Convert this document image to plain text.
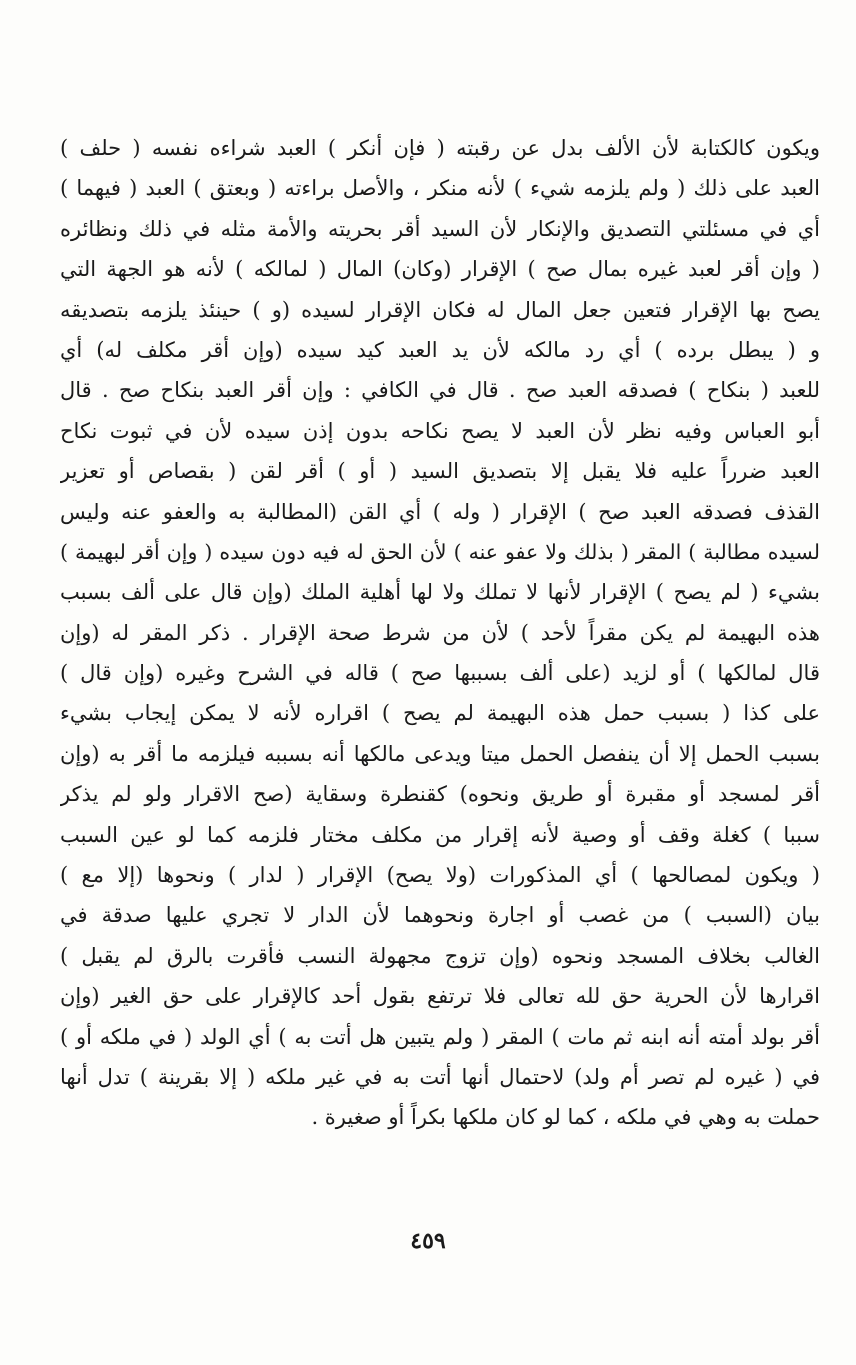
ويكون كالكتابة لأن الألف بدل عن رقبته ( فإن أنكر ) العبد شراءه نفسه ( حلف )
العبد على ذلك ( ولم يلزمه شيء ) لأنه منكر ، والأصل براءته ( وبعتق ) العبد ( فيهما )
أي في مسئلتي التصديق والإنكار لأن السيد أقر بحريته والأمة مثله في ذلك ونظائره
( وإن أقر لعبد غيره بمال صح ) الإقرار (وكان) المال ( لمالكه ) لأنه هو الجهة التي
يصح بها الإقرار فتعين جعل المال له فكان الإقرار لسيده (و ) حينئذ يلزمه بتصديقه
و ( يبطل برده ) أي رد مالكه لأن يد العبد كيد سيده (وإن أقر مكلف له) أي
للعبد ( بنكاح ) فصدقه العبد صح . قال في الكافي : وإن أقر العبد بنكاح صح . قال
أبو العباس وفيه نظر لأن العبد لا يصح نكاحه بدون إذن سيده لأن في ثبوت نكاح
العبد ضرراً عليه فلا يقبل إلا بتصديق السيد ( أو ) أقر لقن ( بقصاص أو تعزير
القذف فصدقه العبد صح ) الإقرار ( وله ) أي القن (المطالبة به والعفو عنه وليس
لسيده مطالبة ) المقر ( بذلك ولا عفو عنه ) لأن الحق له فيه دون سيده ( وإن أقر لبهيمة )
بشيء ( لم يصح ) الإقرار لأنها لا تملك ولا لها أهلية الملك (وإن قال على ألف بسبب
هذه البهيمة لم يكن مقراً لأحد ) لأن من شرط صحة الإقرار . ذكر المقر له (وإن
قال لمالكها ) أو لزيد (على ألف بسببها صح ) قاله في الشرح وغيره (وإن قال )
على كذا ( بسبب حمل هذه البهيمة لم يصح ) اقراره لأنه لا يمكن إيجاب بشيء
بسبب الحمل إلا أن ينفصل الحمل ميتا ويدعى مالكها أنه بسببه فيلزمه ما أقر به (وإن
أقر لمسجد أو مقبرة أو طريق ونحوه) كقنطرة وسقاية (صح الاقرار ولو لم يذكر
سببا ) كغلة وقف أو وصية لأنه إقرار من مكلف مختار فلزمه كما لو عين السبب
( ويكون لمصالحها ) أي المذكورات (ولا يصح) الإقرار ( لدار ) ونحوها (إلا مع )
بيان (السبب ) من غصب أو اجارة ونحوهما لأن الدار لا تجري عليها صدقة في
الغالب بخلاف المسجد ونحوه (وإن تزوج مجهولة النسب فأقرت بالرق لم يقبل )
اقرارها لأن الحرية حق لله تعالى فلا ترتفع بقول أحد كالإقرار على حق الغير (وإن
أقر بولد أمته أنه ابنه ثم مات ) المقر ( ولم يتبين هل أتت به ) أي الولد ( في ملكه أو )
في ( غيره لم تصر أم ولد) لاحتمال أنها أتت به في غير ملكه ( إلا بقرينة ) تدل أنها
حملت به وهي في ملكه ، كما لو كان ملكها بكراً أو صغيرة .
٤٥٩
